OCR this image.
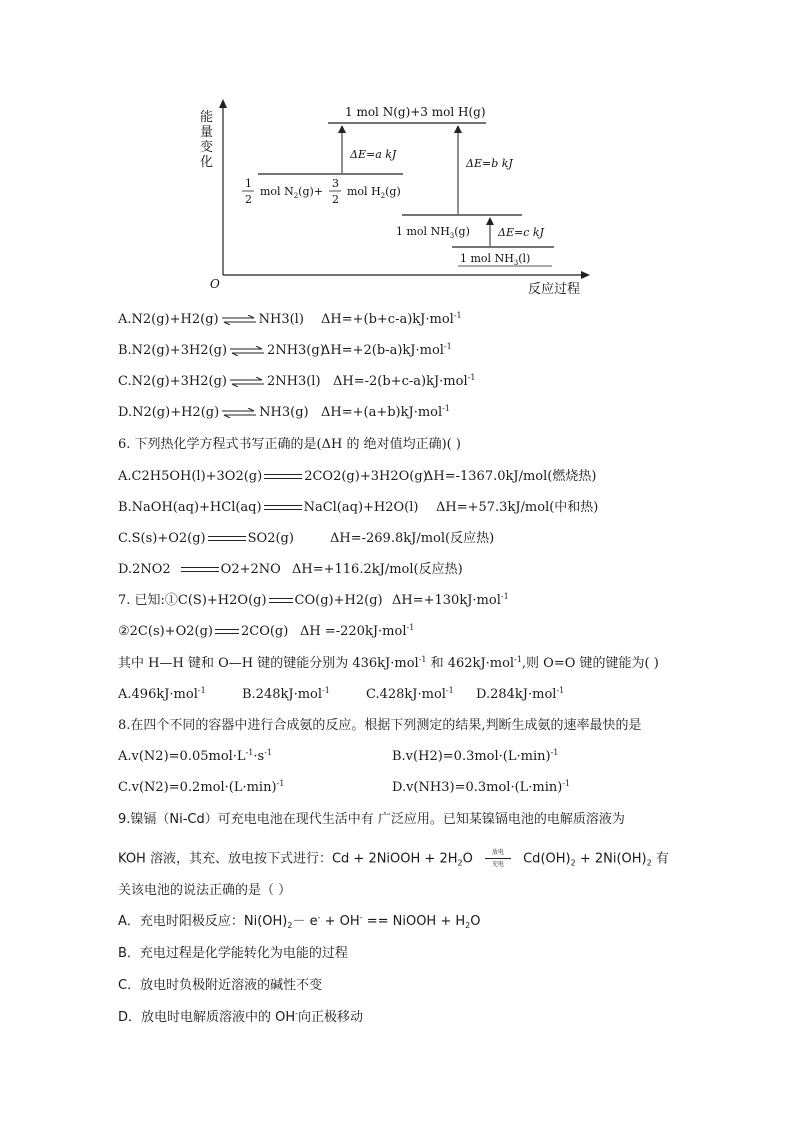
能
量
变
化
O	反应过程
1 mol N(g)+3 mol H(g)
1
2
mol $N_2(g)+$
3
2
mol $H_2(g)$
1 mol $NH_3(g)$
1 mol $NH_3(l)$
ΔE=a kJ
ΔE=b kJ
ΔE=c kJ
A.N2(g)+H2(g) ⇌ NH3(l) ΔH=+(b+c-a)kJ·mol$^{-1}$
B.N2(g)+3H2(g) ⇌ 2NH3(g)
ΔH=+2(b-a)kJ·mol$^{-1}$
C.N2(g)+3H2(g) ⇌ 2NH3(l) ΔH=-2(b+c-a)kJ·mol$^{-1}$
D.N2(g)+H2(g) ⇌ NH3(g) ΔH=+(a+b)kJ·mol$^{-1}$
6. 下列热化学方程式书写正确的是(ΔH 的 绝对值均正确)( )
A.C2H5OH(l)+3O2(g)	2CO2(g)+3H2O(g)
ΔH=-1367.0kJ/mol(燃烧热)
B.NaOH(aq)+HCl(aq)	NaCl(aq)+H2O(l) ΔH=+57.3kJ/mol(中和热)
C.S(s)+O2(g)	SO2(g)	ΔH=-269.8kJ/mol(反应热)
D.2NO2	O2+2NO ΔH=+116.2kJ/mol(反应热)
7. 已知:①C(S)+H2O(g) CO(g)+H2(g) ΔH=+130kJ·mol$^{-1}$
②2C(s)+O2(g) 2CO(g) ΔH =-220kJ·mol$^{-1}$
其中 H—H 键和 O—H 键的键能分别为 436kJ·mol$^{-1}$ 和 462kJ·mol$^{-1}$,则 O=O 键的键能为( )
A.496kJ·mol$^{-1}$	B.248kJ·mol$^{-1}$	C.428kJ·mol$^{-1}$ D.284kJ·mol$^{-1}$
8.在四个不同的容器中进行合成氨的反应。根据下列测定的结果,判断生成氨的速率最快的是
$A.v(N2)=0.05mol\cdot L^{-1}\cdot s^{-1}$	$B.v(H2)=0.3mol\cdot(L\cdot\min)^{-1}$
$C.v(N2)=0.2mol\cdot(L\cdot\min)^{-1}$	$D.v(NH3)=0.3mol\cdot(L\cdot\min)^{-1}$
9.镍镉（Ni-Cd）可充电电池在现代生活中有 广泛应用。已知某镍镉电池的电解质溶液为
KOH 溶液，其充、放电按下式进行：Cd + 2NiOOH + $2H_2O$	放电
充电	$Cd(OH)_2 + 2Ni(OH)_2$ 有
关该电池的说法正确的是（ ）
A．充电时阳极反应：$Ni(OH)_2- e^- + OH^-$ == NiOOH + $H_2O$
B．充电过程是化学能转化为电能的过程
C．放电时负极附近溶液的碱性不变
D．放电时电解质溶液中的 OH-向正极移动
